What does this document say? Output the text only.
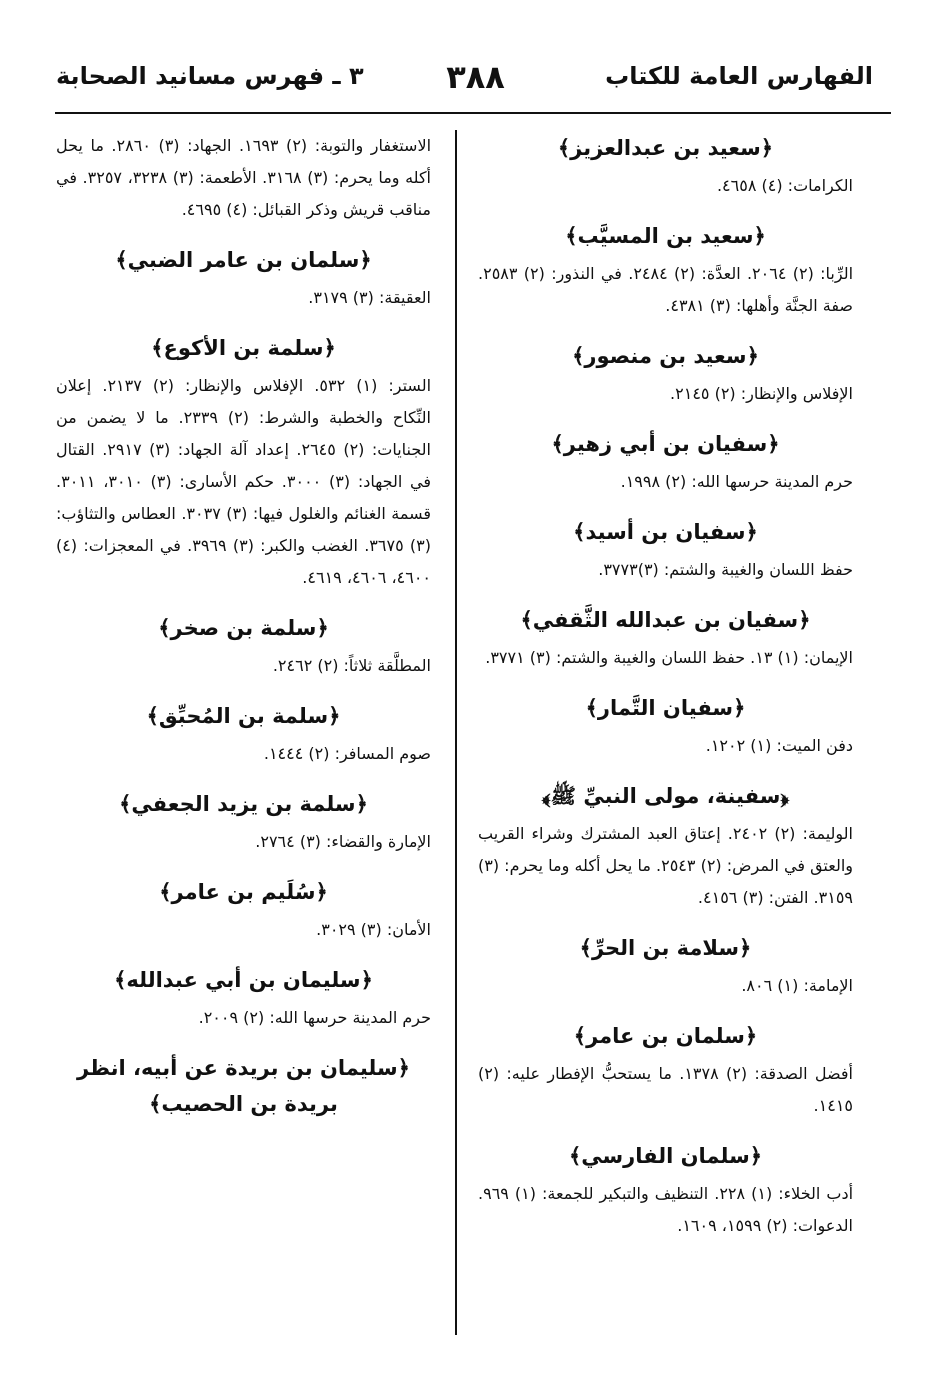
الفهارس العامة للكتاب
٣٨٨
٣ ـ فهرس مسانيد الصحابة
﴿سعيد بن عبدالعزيز﴾

الكرامات: (٤) ٤٦٥٨.

﴿سعيد بن المسيَّب﴾

الرِّبا: (٢) ٢٠٦٤. العدَّة: (٢) ٢٤٨٤. في النذور: (٢) ٢٥٨٣. صفة الجنَّة وأهلها: (٣) ٤٣٨١.

﴿سعيد بن منصور﴾

الإفلاس والإنظار: (٢) ٢١٤٥.

﴿سفيان بن أبي زهير﴾

حرم المدينة حرسها الله: (٢) ١٩٩٨.

﴿سفيان بن أسيد﴾

حفظ اللسان والغيبة والشتم: (٣)٣٧٧٣.

﴿سفيان بن عبدالله الثَّقفي﴾

الإيمان: (١) ١٣. حفظ اللسان والغيبة والشتم: (٣) ٣٧٧١.

﴿سفيان التَّمار﴾

دفن الميت: (١) ١٢٠٢.

﴿سفينة، مولى النبيِّ ﷺ﴾

الوليمة: (٢) ٢٤٠٢. إعتاق العبد المشترك وشراء القريب والعتق في المرض: (٢) ٢٥٤٣. ما يحل أكله وما يحرم: (٣) ٣١٥٩. الفتن: (٣) ٤١٥٦.

﴿سلامة بن الحرِّ﴾

الإمامة: (١) ٨٠٦.

﴿سلمان بن عامر﴾

أفضل الصدقة: (٢) ١٣٧٨. ما يستحبُّ الإفطار عليه: (٢) ١٤١٥.

﴿سلمان الفارسي﴾

أدب الخلاء: (١) ٢٢٨. التنظيف والتبكير للجمعة: (١) ٩٦٩. الدعوات: (٢) ١٥٩٩، ١٦٠٩.

الاستغفار والتوبة: (٢) ١٦٩٣. الجهاد: (٣) ٢٨٦٠. ما يحل أكله وما يحرم: (٣) ٣١٦٨. الأطعمة: (٣) ٣٢٣٨، ٣٢٥٧. في مناقب قريش وذكر القبائل: (٤) ٤٦٩٥.

﴿سلمان بن عامر الضبي﴾

العقيقة: (٣) ٣١٧٩.

﴿سلمة بن الأكوع﴾

الستر: (١) ٥٣٢. الإفلاس والإنظار: (٢) ٢١٣٧. إعلان النِّكاح والخطبة والشرط: (٢) ٢٣٣٩. ما لا يضمن من الجنايات: (٢) ٢٦٤٥. إعداد آلة الجهاد: (٣) ٢٩١٧. القتال في الجهاد: (٣) ٣٠٠٠. حكم الأسارى: (٣) ٣٠١٠، ٣٠١١. قسمة الغنائم والغلول فيها: (٣) ٣٠٣٧. العطاس والتثاؤب: (٣) ٣٦٧٥. الغضب والكبر: (٣) ٣٩٦٩. في المعجزات: (٤) ٤٦٠٠، ٤٦٠٦، ٤٦١٩.

﴿سلمة بن صخر﴾

المطلَّقة ثلاثاً: (٢) ٢٤٦٢.

﴿سلمة بن المُحبِّق﴾

صوم المسافر: (٢) ١٤٤٤.

﴿سلمة بن يزيد الجعفي﴾

الإمارة والقضاء: (٣) ٢٧٦٤.

﴿سُلَيم بن عامر﴾

الأمان: (٣) ٣٠٢٩.

﴿سليمان بن أبي عبدالله﴾

حرم المدينة حرسها الله: (٢) ٢٠٠٩.

﴿سليمان بن بريدة عن أبيه، انظر بريدة بن الحصيب﴾
